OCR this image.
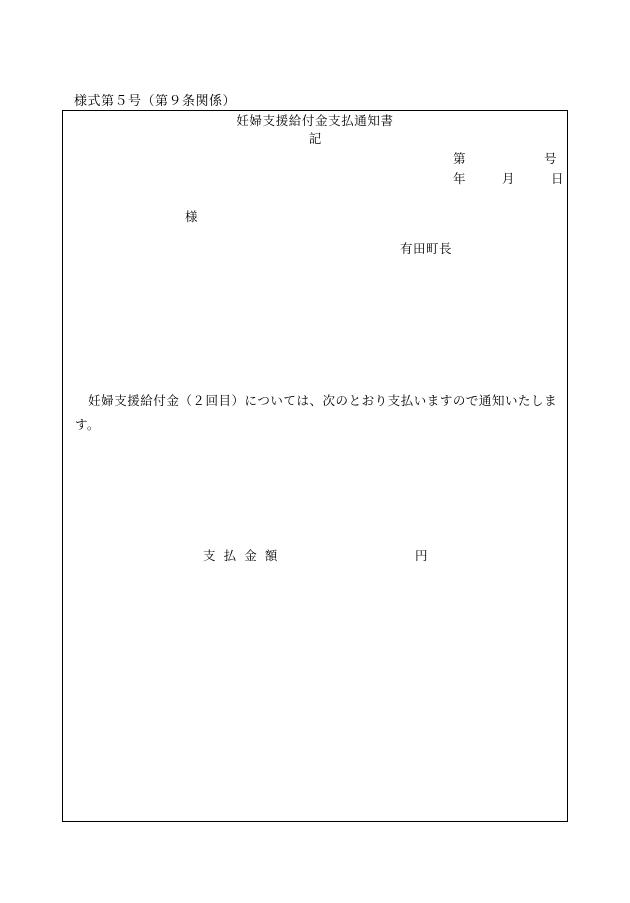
様式第５号（第９条関係）
第	号
年	月	日
様
有田町長
妊婦支援給付金支払通知書
妊婦支援給付金（２回目）については、次のとおり支払いますので通知いたします。
記
支 払 金 額	円
